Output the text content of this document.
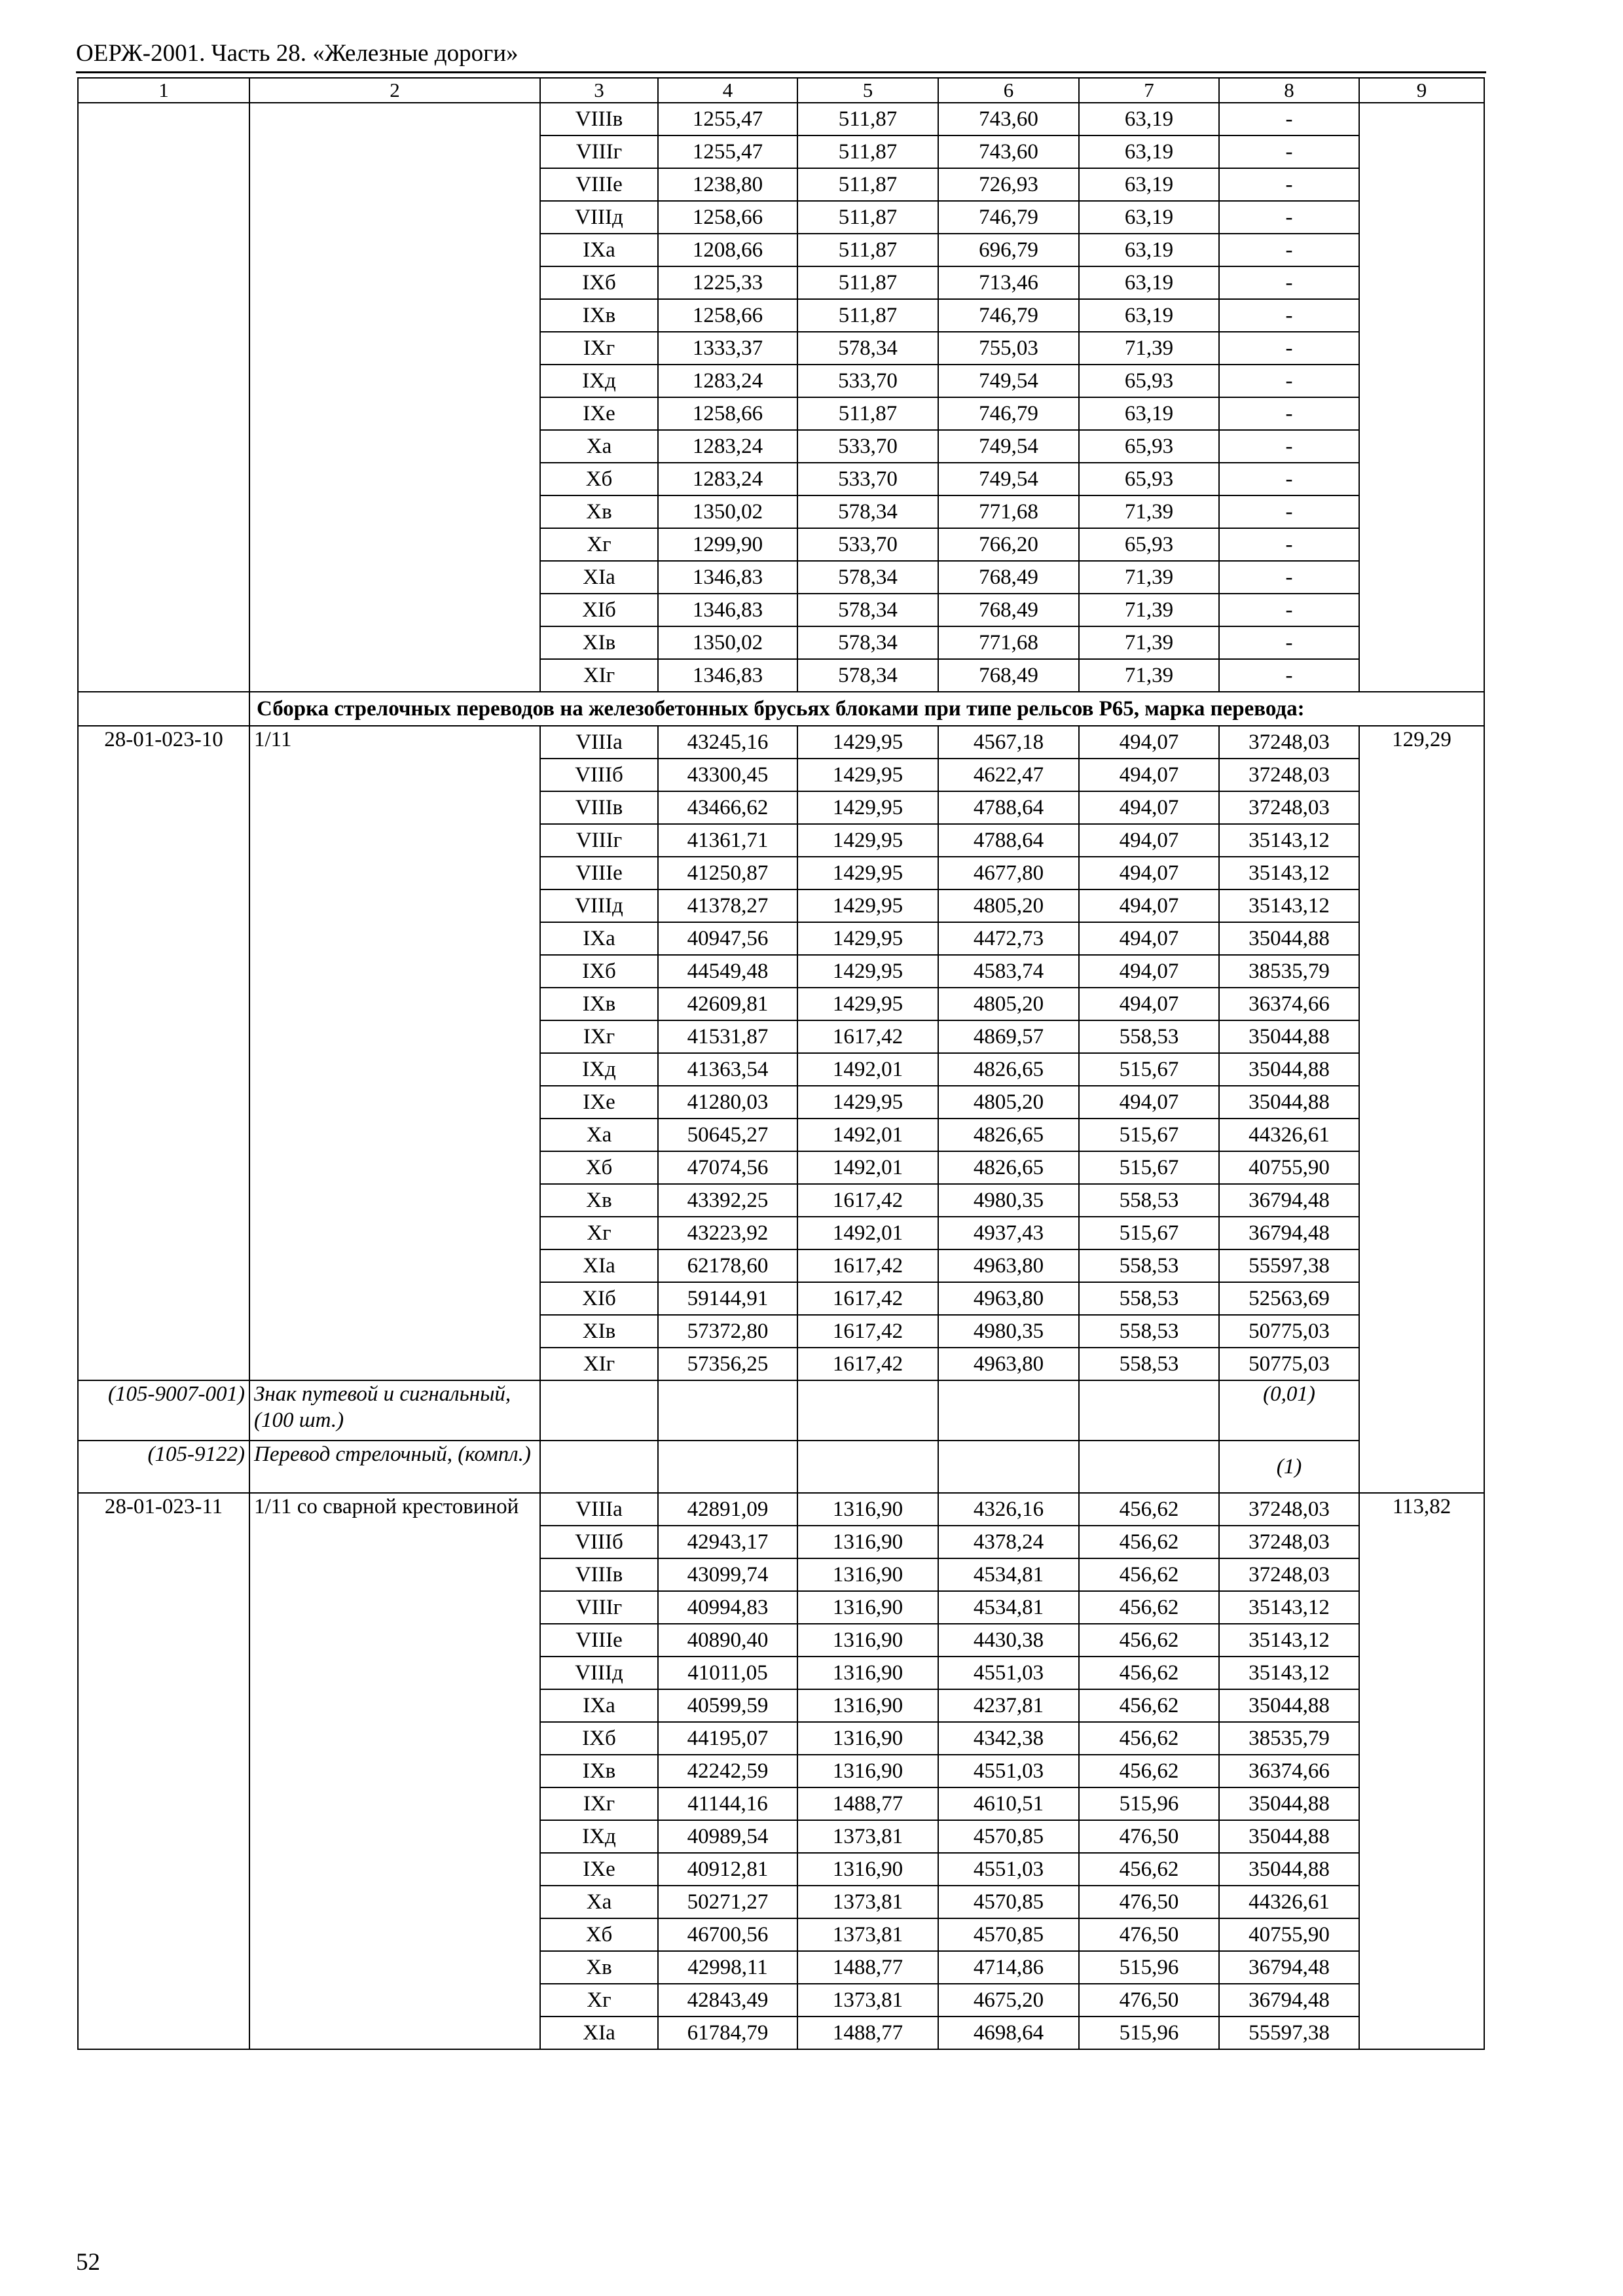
ОЕРЖ-2001. Часть 28. «Железные дороги»
1	2	3	4	5	6	7	8	9
		VIIIв	1255,47	511,87	743,60	63,19	-	
		VIIIг	1255,47	511,87	743,60	63,19	-	
		VIIIе	1238,80	511,87	726,93	63,19	-	
		VIIIд	1258,66	511,87	746,79	63,19	-	
		IXа	1208,66	511,87	696,79	63,19	-	
		IXб	1225,33	511,87	713,46	63,19	-	
		IXв	1258,66	511,87	746,79	63,19	-	
		IXг	1333,37	578,34	755,03	71,39	-	
		IXд	1283,24	533,70	749,54	65,93	-	
		IXе	1258,66	511,87	746,79	63,19	-	
		Xа	1283,24	533,70	749,54	65,93	-	
		Xб	1283,24	533,70	749,54	65,93	-	
		Xв	1350,02	578,34	771,68	71,39	-	
		Xг	1299,90	533,70	766,20	65,93	-	
		XIа	1346,83	578,34	768,49	71,39	-	
		XIб	1346,83	578,34	768,49	71,39	-	
		XIв	1350,02	578,34	771,68	71,39	-	
		XIг	1346,83	578,34	768,49	71,39	-	
	Сборка стрелочных переводов на железобетонных брусьях блоками при типе рельсов Р65, марка перевода:							
28-01-023-10	1/11	VIIIа	43245,16	1429,95	4567,18	494,07	37248,03	129,29
		VIIIб	43300,45	1429,95	4622,47	494,07	37248,03	
		VIIIв	43466,62	1429,95	4788,64	494,07	37248,03	
		VIIIг	41361,71	1429,95	4788,64	494,07	35143,12	
		VIIIе	41250,87	1429,95	4677,80	494,07	35143,12	
		VIIIд	41378,27	1429,95	4805,20	494,07	35143,12	
		IXа	40947,56	1429,95	4472,73	494,07	35044,88	
		IXб	44549,48	1429,95	4583,74	494,07	38535,79	
		IXв	42609,81	1429,95	4805,20	494,07	36374,66	
		IXг	41531,87	1617,42	4869,57	558,53	35044,88	
		IXд	41363,54	1492,01	4826,65	515,67	35044,88	
		IXе	41280,03	1429,95	4805,20	494,07	35044,88	
		Xа	50645,27	1492,01	4826,65	515,67	44326,61	
		Xб	47074,56	1492,01	4826,65	515,67	40755,90	
		Xв	43392,25	1617,42	4980,35	558,53	36794,48	
		Xг	43223,92	1492,01	4937,43	515,67	36794,48	
		XIа	62178,60	1617,42	4963,80	558,53	55597,38	
		XIб	59144,91	1617,42	4963,80	558,53	52563,69	
		XIв	57372,80	1617,42	4980,35	558,53	50775,03	
		XIг	57356,25	1617,42	4963,80	558,53	50775,03	
(105-9007-001)	Знак путевой и сигнальный, (100 шт.)						(0,01)	
(105-9122)	Перевод стрелочный, (компл.)						(1)	
28-01-023-11	1/11 со сварной крестовиной	VIIIа	42891,09	1316,90	4326,16	456,62	37248,03	113,82
		VIIIб	42943,17	1316,90	4378,24	456,62	37248,03	
		VIIIв	43099,74	1316,90	4534,81	456,62	37248,03	
		VIIIг	40994,83	1316,90	4534,81	456,62	35143,12	
		VIIIе	40890,40	1316,90	4430,38	456,62	35143,12	
		VIIIд	41011,05	1316,90	4551,03	456,62	35143,12	
		IXа	40599,59	1316,90	4237,81	456,62	35044,88	
		IXб	44195,07	1316,90	4342,38	456,62	38535,79	
		IXв	42242,59	1316,90	4551,03	456,62	36374,66	
		IXг	41144,16	1488,77	4610,51	515,96	35044,88	
		IXд	40989,54	1373,81	4570,85	476,50	35044,88	
		IXе	40912,81	1316,90	4551,03	456,62	35044,88	
		Xа	50271,27	1373,81	4570,85	476,50	44326,61	
		Xб	46700,56	1373,81	4570,85	476,50	40755,90	
		Xв	42998,11	1488,77	4714,86	515,96	36794,48	
		Xг	42843,49	1373,81	4675,20	476,50	36794,48	
		XIа	61784,79	1488,77	4698,64	515,96	55597,38	
52
